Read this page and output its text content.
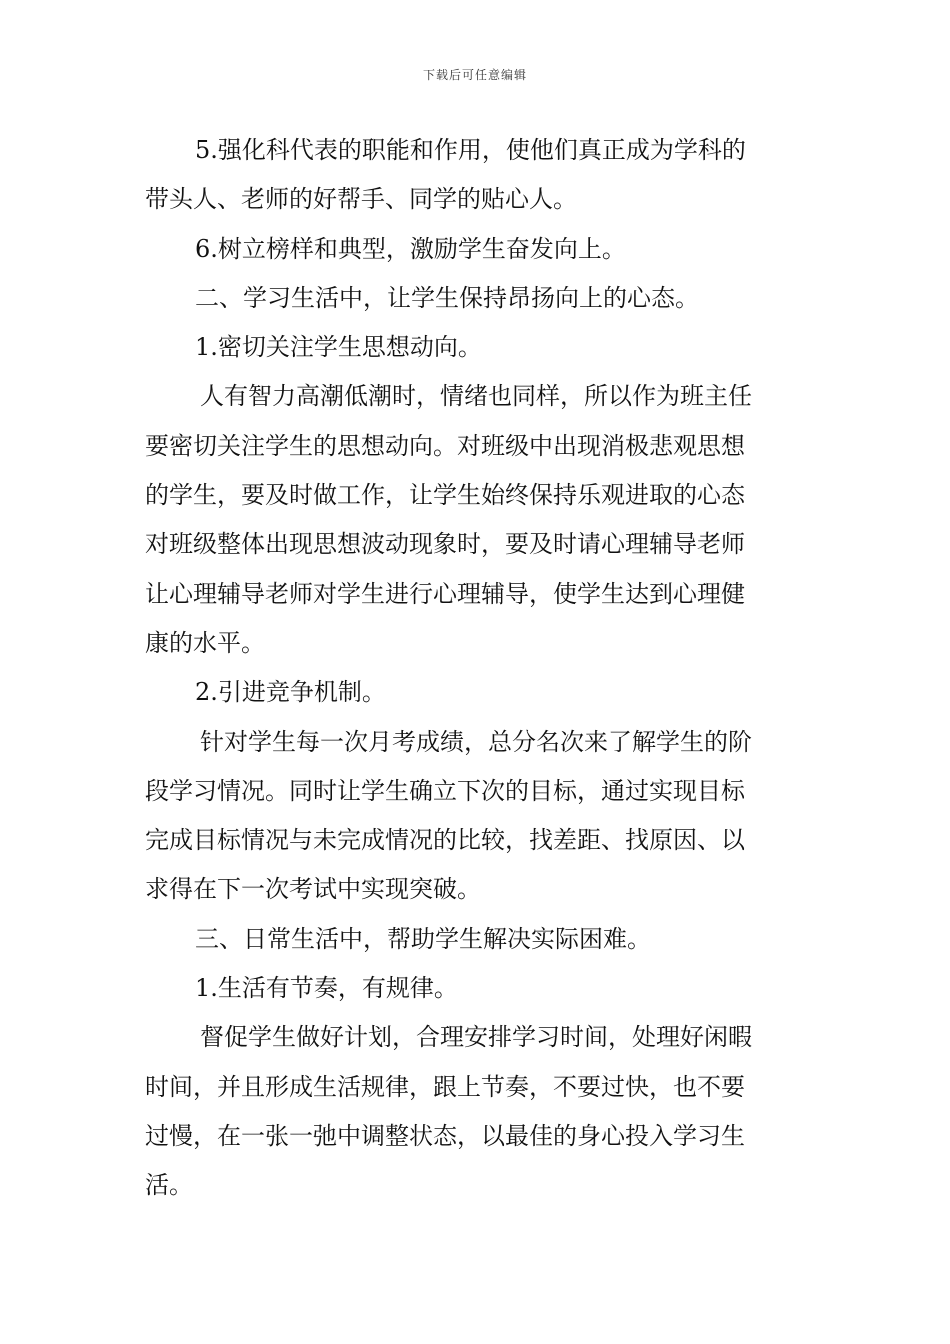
下载后可任意编辑
5.强化科代表的职能和作用，使他们真正成为学科的
带头人、老师的好帮手、同学的贴心人。
6.树立榜样和典型，激励学生奋发向上。
二、学习生活中，让学生保持昂扬向上的心态。
1.密切关注学生思想动向。
人有智力高潮低潮时，情绪也同样，所以作为班主任
要密切关注学生的思想动向。对班级中出现消极悲观思想
的学生，要及时做工作，让学生始终保持乐观进取的心态
对班级整体出现思想波动现象时，要及时请心理辅导老师
让心理辅导老师对学生进行心理辅导，使学生达到心理健
康的水平。
2.引进竞争机制。
针对学生每一次月考成绩，总分名次来了解学生的阶
段学习情况。同时让学生确立下次的目标，通过实现目标
完成目标情况与未完成情况的比较，找差距、找原因、以
求得在下一次考试中实现突破。
三、日常生活中，帮助学生解决实际困难。
1.生活有节奏，有规律。
督促学生做好计划，合理安排学习时间，处理好闲暇
时间，并且形成生活规律，跟上节奏，不要过快，也不要
过慢，在一张一弛中调整状态，以最佳的身心投入学习生
活。
